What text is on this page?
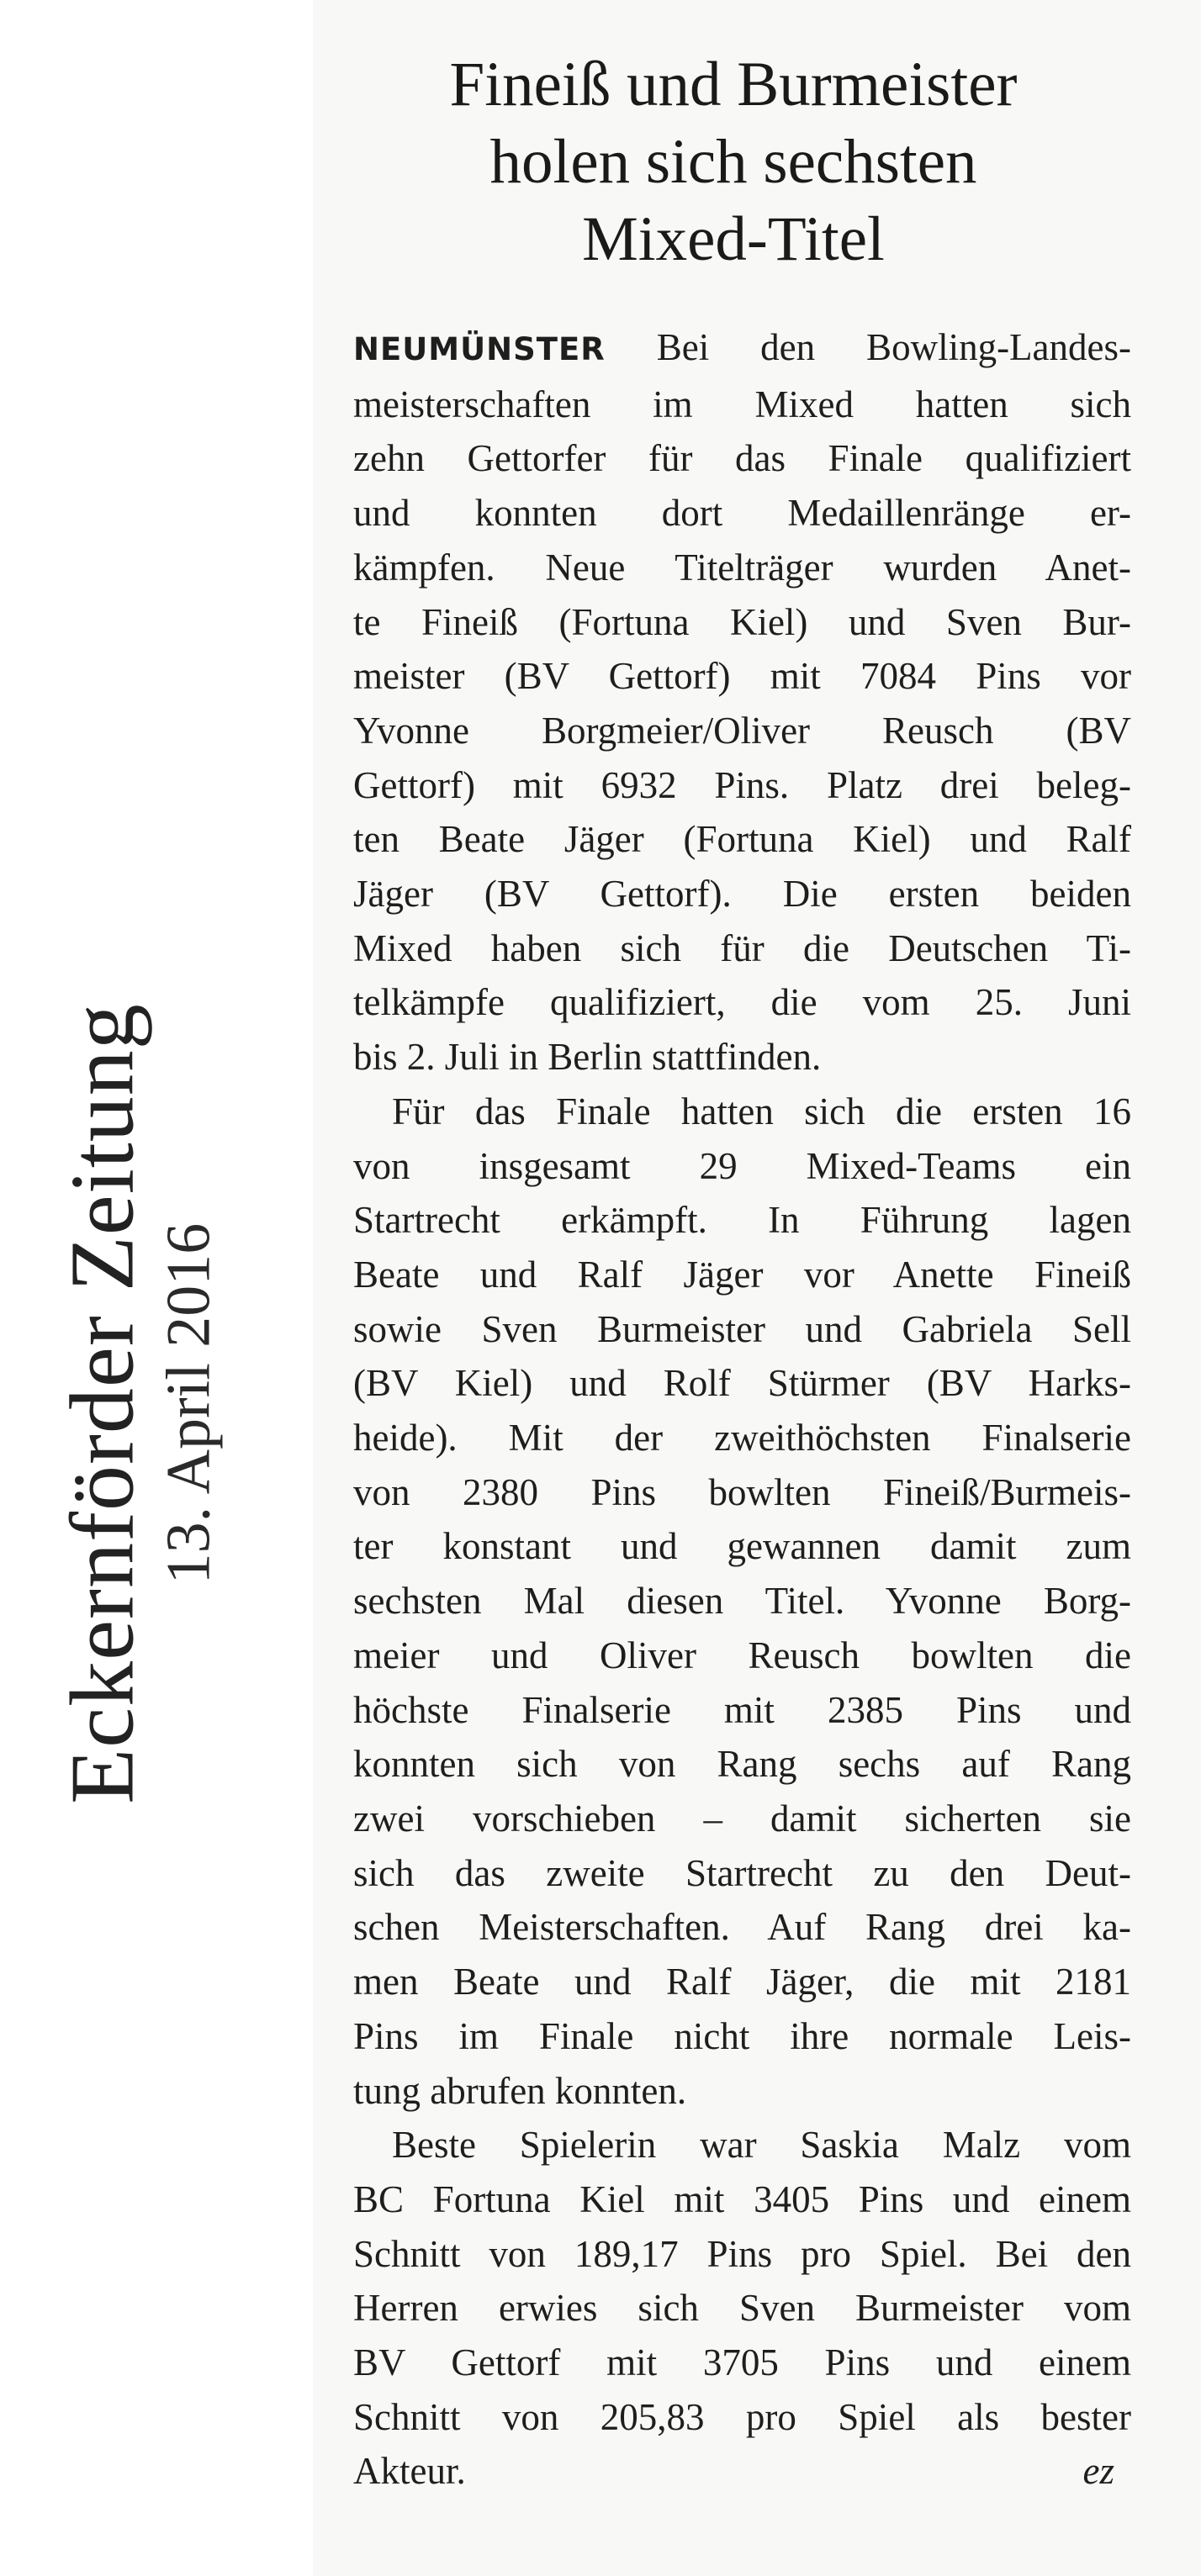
Eckernförder Zeitung 13. April 2016
Fineiß und Burmeister
holen sich sechsten
Mixed-Titel

NEUMÜNSTER Bei den Bowling-Landes-
meisterschaften im Mixed hatten sich
zehn Gettorfer für das Finale qualifiziert
und konnten dort Medaillenränge er-
kämpfen. Neue Titelträger wurden Anet-
te Fineiß (Fortuna Kiel) und Sven Bur-
meister (BV Gettorf) mit 7084 Pins vor
Yvonne Borgmeier/Oliver Reusch (BV
Gettorf) mit 6932 Pins. Platz drei beleg-
ten Beate Jäger (Fortuna Kiel) und Ralf
Jäger (BV Gettorf). Die ersten beiden
Mixed haben sich für die Deutschen Ti-
telkämpfe qualifiziert, die vom 25. Juni
bis 2. Juli in Berlin stattfinden.

Für das Finale hatten sich die ersten 16
von insgesamt 29 Mixed-Teams ein
Startrecht erkämpft. In Führung lagen
Beate und Ralf Jäger vor Anette Fineiß
sowie Sven Burmeister und Gabriela Sell
(BV Kiel) und Rolf Stürmer (BV Harks-
heide). Mit der zweithöchsten Finalserie
von 2380 Pins bowlten Fineiß/Burmeis-
ter konstant und gewannen damit zum
sechsten Mal diesen Titel. Yvonne Borg-
meier und Oliver Reusch bowlten die
höchste Finalserie mit 2385 Pins und
konnten sich von Rang sechs auf Rang
zwei vorschieben – damit sicherten sie
sich das zweite Startrecht zu den Deut-
schen Meisterschaften. Auf Rang drei ka-
men Beate und Ralf Jäger, die mit 2181
Pins im Finale nicht ihre normale Leis-
tung abrufen konnten.

Beste Spielerin war Saskia Malz vom
BC Fortuna Kiel mit 3405 Pins und einem
Schnitt von 189,17 Pins pro Spiel. Bei den
Herren erwies sich Sven Burmeister vom
BV Gettorf mit 3705 Pins und einem
Schnitt von 205,83 pro Spiel als bester

Akteur.	ez
